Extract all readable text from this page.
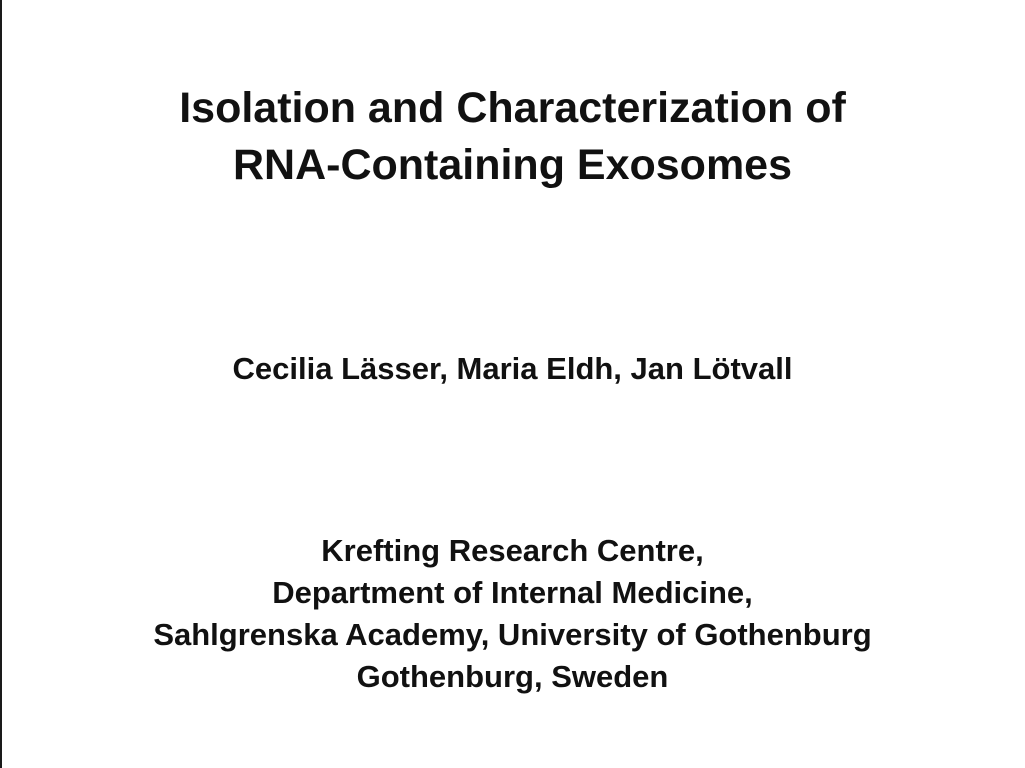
Isolation and Characterization of
RNA-Containing Exosomes
Cecilia Lässer, Maria Eldh, Jan Lötvall
Krefting Research Centre,
Department of Internal Medicine,
Sahlgrenska Academy, University of Gothenburg
Gothenburg, Sweden
